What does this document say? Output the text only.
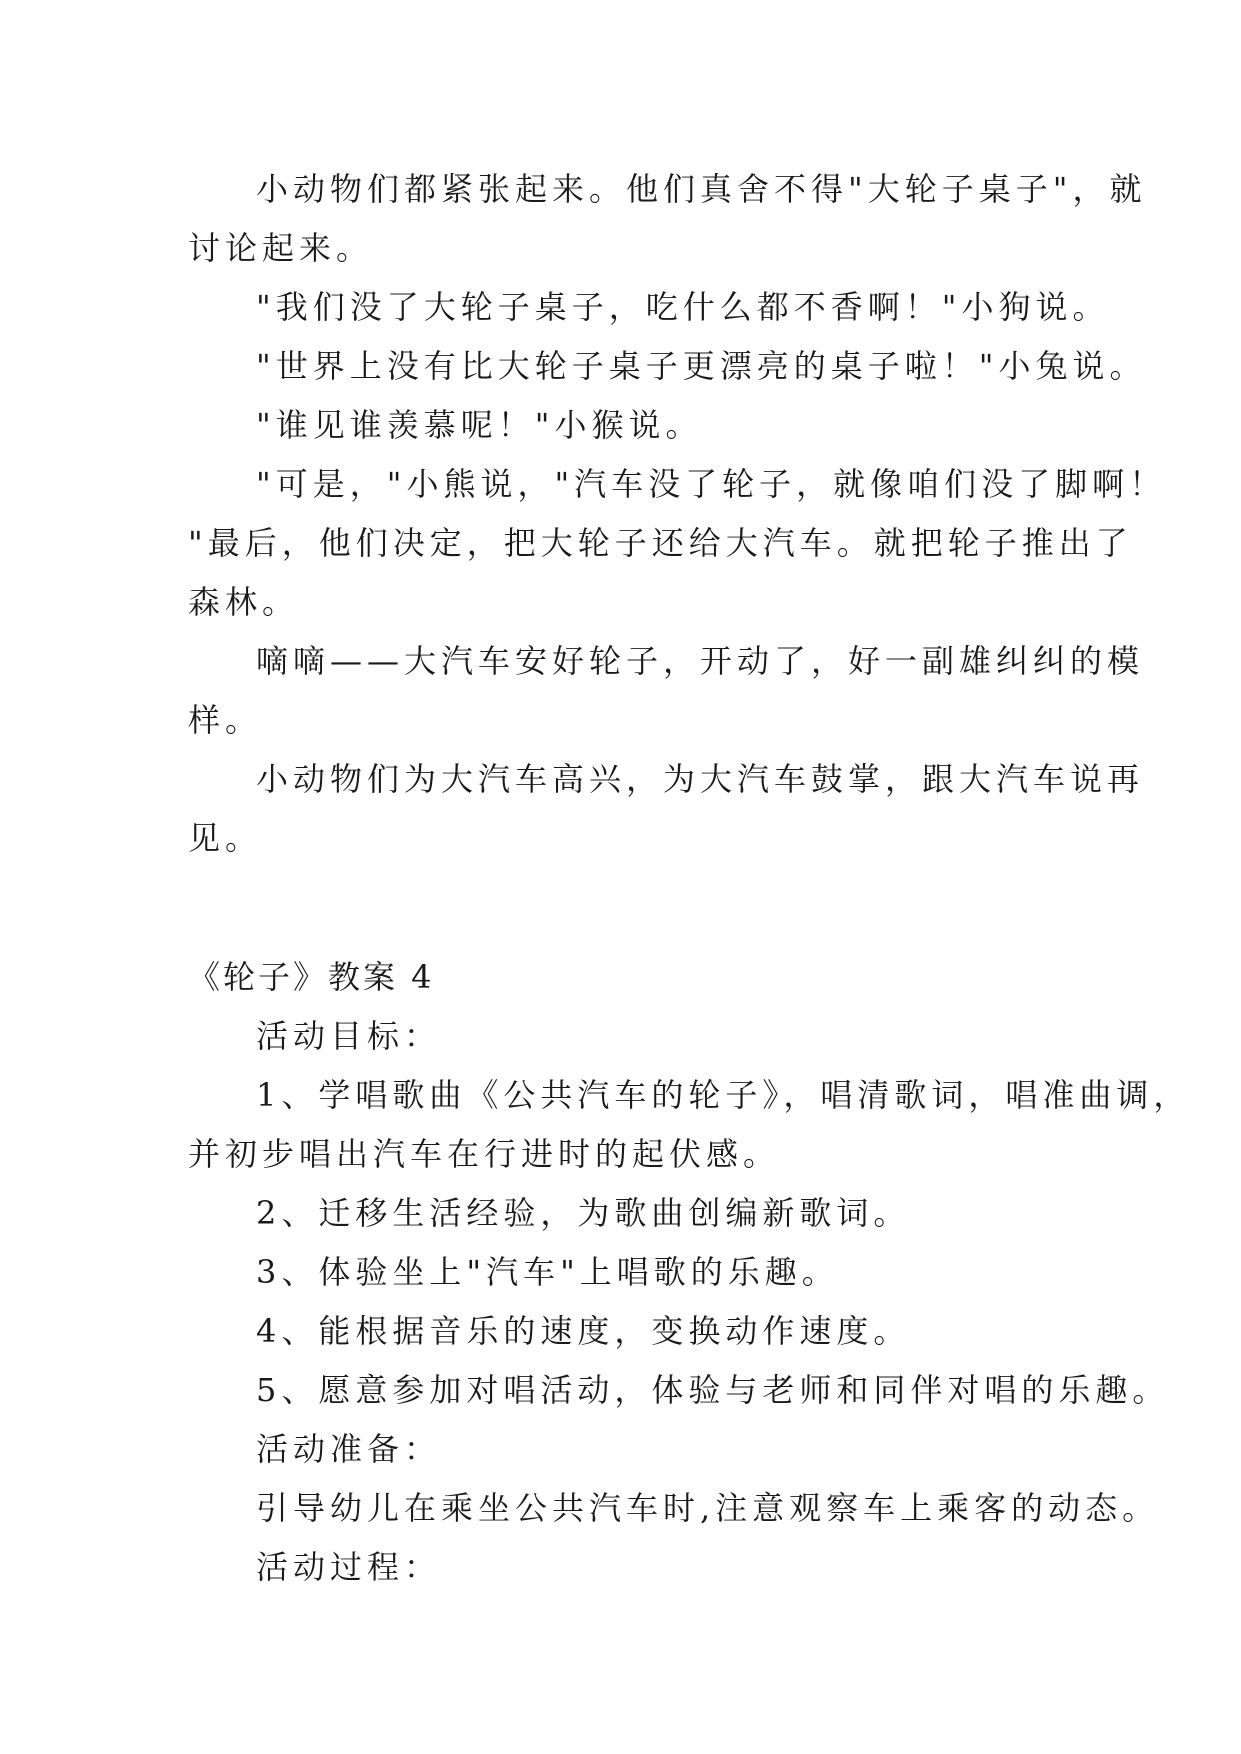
小动物们都紧张起来。他们真舍不得"大轮子桌子"，就

讨论起来。

"我们没了大轮子桌子，吃什么都不香啊！"小狗说。

"世界上没有比大轮子桌子更漂亮的桌子啦！"小兔说。

"谁见谁羡慕呢！"小猴说。

"可是，"小熊说，"汽车没了轮子，就像咱们没了脚啊！

"最后，他们决定，把大轮子还给大汽车。就把轮子推出了

森林。

嘀嘀——大汽车安好轮子，开动了，好一副雄纠纠的模

样。

小动物们为大汽车高兴，为大汽车鼓掌，跟大汽车说再

见。

《轮子》教案 4

活动目标：

1、学唱歌曲《公共汽车的轮子》，唱清歌词，唱准曲调，

并初步唱出汽车在行进时的起伏感。

2、迁移生活经验，为歌曲创编新歌词。

3、体验坐上"汽车"上唱歌的乐趣。

4、能根据音乐的速度，变换动作速度。

5、愿意参加对唱活动，体验与老师和同伴对唱的乐趣。

活动准备：

引导幼儿在乘坐公共汽车时,注意观察车上乘客的动态。

活动过程：
